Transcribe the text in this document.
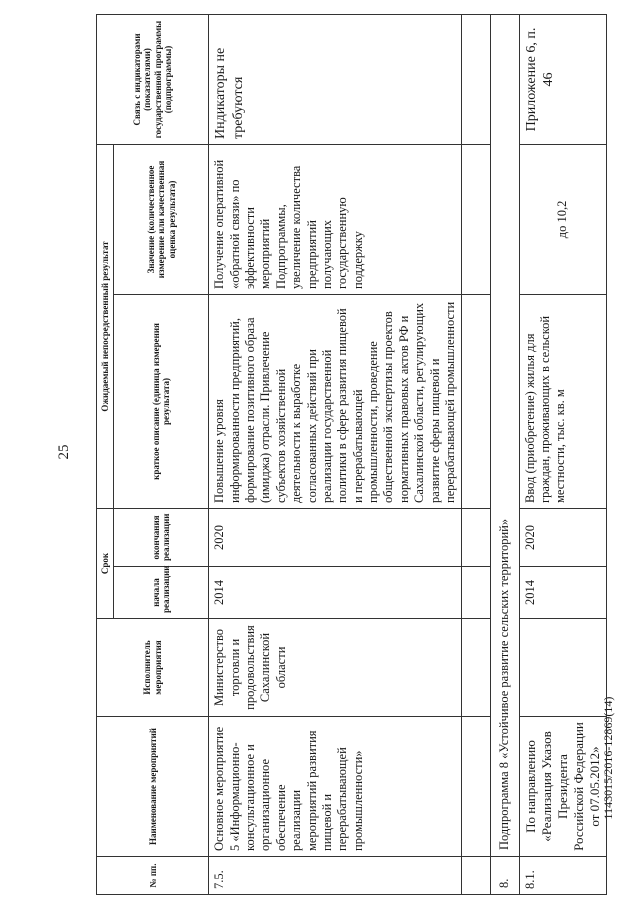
25
1143015/2016-12869(14)
№ пп.	Наименование мероприятий	Исполнитель мероприятия	Срок		Ожидаемый непосредственный результат		Связь с индикаторами (показателями) государственной программы (подпрограммы)
			начала реализации	окончания реализации	краткое описание (единица измерения результата)	Значение (количественное измерение или качественная оценка результата)	
7.5.	Основное мероприятие 5 «Информационно-консультационное и организационное обеспечение реализации мероприятий развития пищевой и перерабатывающей промышленности»	Министерство торговли и продовольствия Сахалинской области	2014	2020	Повышение уровня информированности предприятий, формирование позитивного образа (имиджа) отрасли. Привлечение субъектов хозяйственной деятельности к выработке согласованных действий при реализации государственной политики в сфере развития пищевой и перерабатывающей промышленности, проведение общественной экспертизы проектов нормативных правовых актов РФ и Сахалинской области, регулирующих развитие сферы пищевой и перерабатывающей промышленности	Получение оперативной «обратной связи» по эффективности мероприятий Подпрограммы, увеличение количества предприятий получающих государственную поддержку	Индикаторы не требуются

8.	Подпрограмма 8 «Устойчивое развитие сельских территорий»						
8.1.	По направлению «Реализация Указов Президента Российской Федерации от 07.05.2012»		2014	2020	Ввод (приобретение) жилья для граждан, проживающих в сельской местности, тыс. кв. м	до 10,2	Приложение 6, п. 46
